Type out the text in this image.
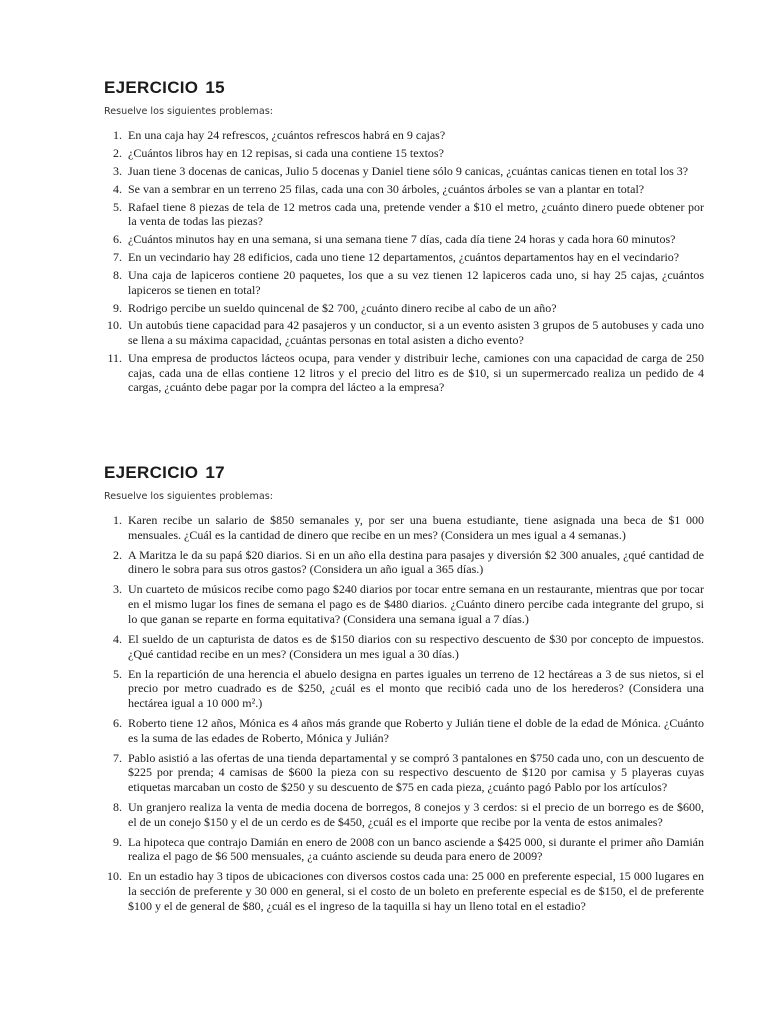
EJERCICIO 15

Resuelve los siguientes problemas:

1. En una caja hay 24 refrescos, ¿cuántos refrescos habrá en 9 cajas?
2. ¿Cuántos libros hay en 12 repisas, si cada una contiene 15 textos?
3. Juan tiene 3 docenas de canicas, Julio 5 docenas y Daniel tiene sólo 9 canicas, ¿cuántas canicas tienen en total los 3?
4. Se van a sembrar en un terreno 25 filas, cada una con 30 árboles, ¿cuántos árboles se van a plantar en total?
5. Rafael tiene 8 piezas de tela de 12 metros cada una, pretende vender a $10 el metro, ¿cuánto dinero puede obtener por la venta de todas las piezas?
6. ¿Cuántos minutos hay en una semana, si una semana tiene 7 días, cada día tiene 24 horas y cada hora 60 minutos?
7. En un vecindario hay 28 edificios, cada uno tiene 12 departamentos, ¿cuántos departamentos hay en el vecindario?
8. Una caja de lapiceros contiene 20 paquetes, los que a su vez tienen 12 lapiceros cada uno, si hay 25 cajas, ¿cuántos lapiceros se tienen en total?
9. Rodrigo percibe un sueldo quincenal de $2 700, ¿cuánto dinero recibe al cabo de un año?
10. Un autobús tiene capacidad para 42 pasajeros y un conductor, si a un evento asisten 3 grupos de 5 autobuses y cada uno se llena a su máxima capacidad, ¿cuántas personas en total asisten a dicho evento?
11. Una empresa de productos lácteos ocupa, para vender y distribuir leche, camiones con una capacidad de carga de 250 cajas, cada una de ellas contiene 12 litros y el precio del litro es de $10, si un supermercado realiza un pedido de 4 cargas, ¿cuánto debe pagar por la compra del lácteo a la empresa?
EJERCICIO 17

Resuelve los siguientes problemas:

1. Karen recibe un salario de $850 semanales y, por ser una buena estudiante, tiene asignada una beca de $1 000 mensuales. ¿Cuál es la cantidad de dinero que recibe en un mes? (Considera un mes igual a 4 semanas.)
2. A Maritza le da su papá $20 diarios. Si en un año ella destina para pasajes y diversión $2 300 anuales, ¿qué cantidad de dinero le sobra para sus otros gastos? (Considera un año igual a 365 días.)
3. Un cuarteto de músicos recibe como pago $240 diarios por tocar entre semana en un restaurante, mientras que por tocar en el mismo lugar los fines de semana el pago es de $480 diarios. ¿Cuánto dinero percibe cada integrante del grupo, si lo que ganan se reparte en forma equitativa? (Considera una semana igual a 7 días.)
4. El sueldo de un capturista de datos es de $150 diarios con su respectivo descuento de $30 por concepto de impuestos. ¿Qué cantidad recibe en un mes? (Considera un mes igual a 30 días.)
5. En la repartición de una herencia el abuelo designa en partes iguales un terreno de 12 hectáreas a 3 de sus nietos, si el precio por metro cuadrado es de $250, ¿cuál es el monto que recibió cada uno de los herederos? (Considera una hectárea igual a 10 000 m².)
6. Roberto tiene 12 años, Mónica es 4 años más grande que Roberto y Julián tiene el doble de la edad de Mónica. ¿Cuánto es la suma de las edades de Roberto, Mónica y Julián?
7. Pablo asistió a las ofertas de una tienda departamental y se compró 3 pantalones en $750 cada uno, con un descuento de $225 por prenda; 4 camisas de $600 la pieza con su respectivo descuento de $120 por camisa y 5 playeras cuyas etiquetas marcaban un costo de $250 y su descuento de $75 en cada pieza, ¿cuánto pagó Pablo por los artículos?
8. Un granjero realiza la venta de media docena de borregos, 8 conejos y 3 cerdos: si el precio de un borrego es de $600, el de un conejo $150 y el de un cerdo es de $450, ¿cuál es el importe que recibe por la venta de estos animales?
9. La hipoteca que contrajo Damián en enero de 2008 con un banco asciende a $425 000, si durante el primer año Damián realiza el pago de $6 500 mensuales, ¿a cuánto asciende su deuda para enero de 2009?
10. En un estadio hay 3 tipos de ubicaciones con diversos costos cada una: 25 000 en preferente especial, 15 000 lugares en la sección de preferente y 30 000 en general, si el costo de un boleto en preferente especial es de $150, el de preferente $100 y el de general de $80, ¿cuál es el ingreso de la taquilla si hay un lleno total en el estadio?
